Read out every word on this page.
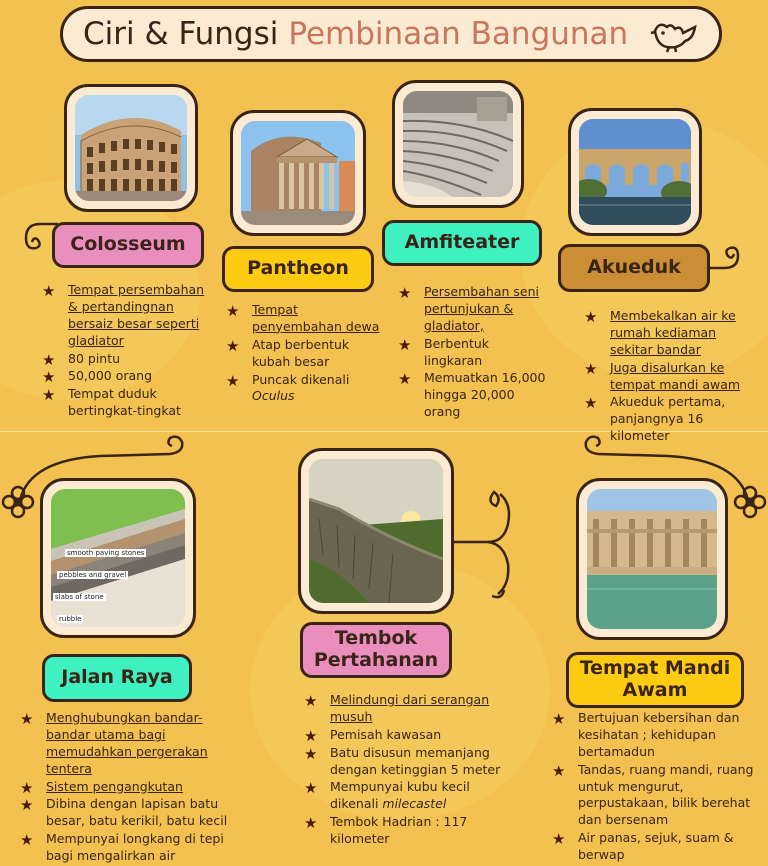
Ciri & Fungsi Pembinaan Bangunan
Colosseum
★ Tempat persembahan & pertandingnan bersaiz besar seperti gladiator
★ 80 pintu
★ 50,000 orang
★ Tempat duduk bertingkat-tingkat
Pantheon
★ Tempat penyembahan dewa
★ Atap berbentuk kubah besar
★ Puncak dikenali
Oculus
Amfiteater
★ Persembahan seni pertunjukan & gladiator,
★ Berbentuk lingkaran
★ Memuatkan 16,000 hingga 20,000 orang
Akueduk
★ Membekalkan air ke rumah kediaman sekitar bandar
★ Juga disalurkan ke tempat mandi awam
★ Akueduk pertama, panjangnya 16 kilometer
smooth paving stones
pebbles and gravel
slabs of stone
rubble
Jalan Raya
★ Menghubungkan bandar-bandar utama bagi memudahkan pergerakan tentera
★ Sistem pengangkutan
★ Dibina dengan lapisan batu besar, batu kerikil, batu kecil
★ Mempunyai longkang di tepi bagi mengalirkan air
Tembok
Pertahanan
★ Melindungi dari serangan musuh
★ Pemisah kawasan
★ Batu disusun memanjang dengan ketinggian 5 meter
★ Mempunyai kubu kecil dikenali milecastel
★ Tembok Hadrian : 117 kilometer
Tempat Mandi
Awam
★ Bertujuan kebersihan dan kesihatan ; kehidupan bertamadun
★ Tandas, ruang mandi, ruang untuk mengurut, perpustakaan, bilik berehat dan bersenam
★ Air panas, sejuk, suam & berwap
